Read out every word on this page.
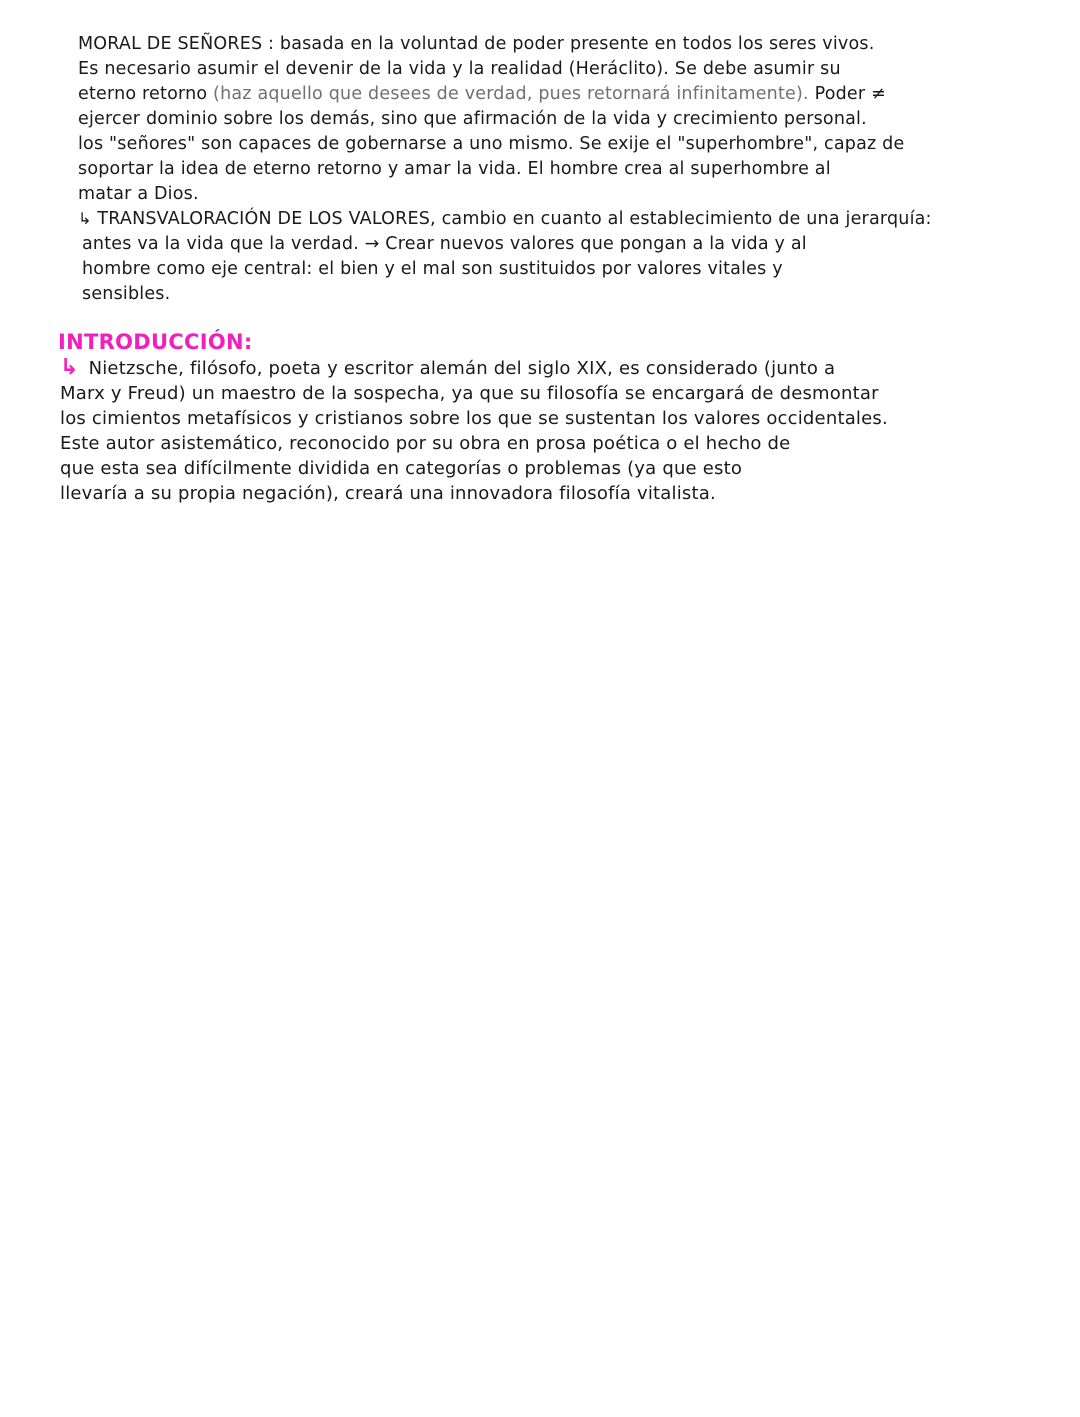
MORAL DE SEÑORES : basada en la voluntad de poder presente en todos los seres vivos.
Es necesario asumir el devenir de la vida y la realidad (Heráclito). Se debe asumir su
eterno retorno (haz aquello que desees de verdad, pues retornará infinitamente). Poder ≠
ejercer dominio sobre los demás, sino que afirmación de la vida y crecimiento personal.
los "señores" son capaces de gobernarse a uno mismo. Se exije el "superhombre", capaz de
soportar la idea de eterno retorno y amar la vida. El hombre crea al superhombre al
matar a Dios.
↳ TRANSVALORACIÓN DE LOS VALORES, cambio en cuanto al establecimiento de una jerarquía:
antes va la vida que la verdad. → Crear nuevos valores que pongan a la vida y al
hombre como eje central: el bien y el mal son sustituidos por valores vitales y
sensibles.
INTRODUCCIÓN:
↳ Nietzsche, filósofo, poeta y escritor alemán del siglo XIX, es considerado (junto a
Marx y Freud) un maestro de la sospecha, ya que su filosofía se encargará de desmontar
los cimientos metafísicos y cristianos sobre los que se sustentan los valores occidentales.
Este autor asistemático, reconocido por su obra en prosa poética o el hecho de
que esta sea difícilmente dividida en categorías o problemas (ya que esto
llevaría a su propia negación), creará una innovadora filosofía vitalista.
